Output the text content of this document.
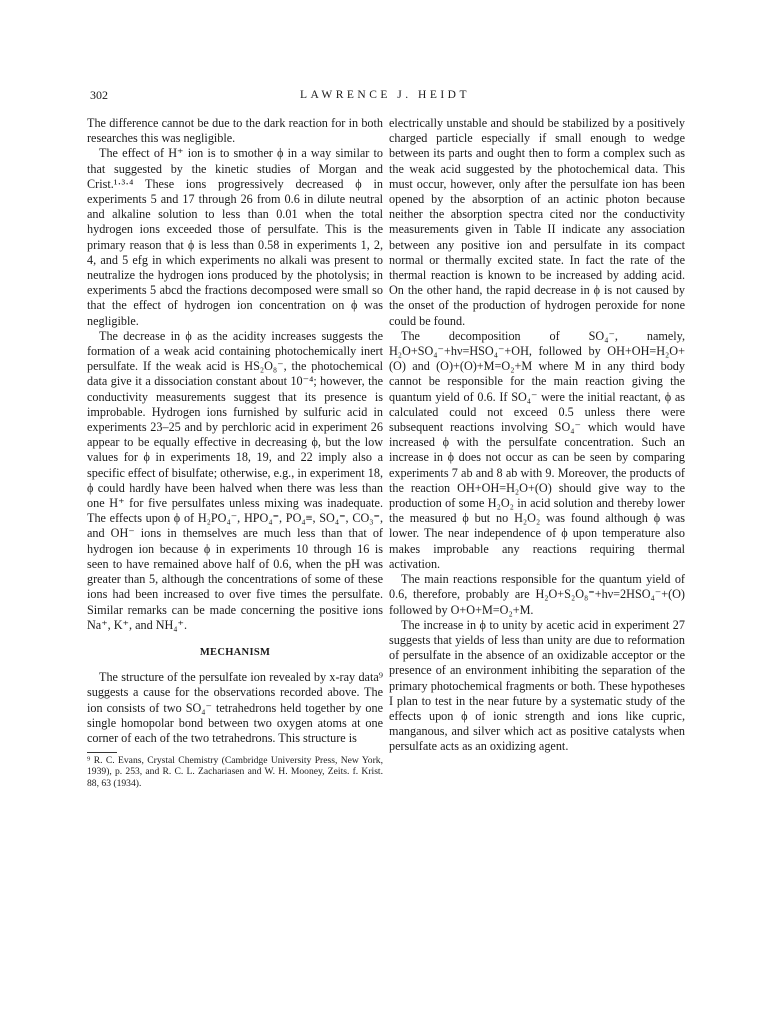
302	LAWRENCE J. HEIDT

The difference cannot be due to the dark reaction for in both researches this was negligible.

The effect of H⁺ ion is to smother ϕ in a way similar to that suggested by the kinetic studies of Morgan and Crist.¹·³·⁴ These ions progressively decreased ϕ in experiments 5 and 17 through 26 from 0.6 in dilute neutral and alkaline solution to less than 0.01 when the total hydrogen ions exceeded those of persulfate. This is the primary reason that ϕ is less than 0.58 in experiments 1, 2, 4, and 5 efg in which experiments no alkali was present to neutralize the hydrogen ions produced by the photolysis; in experiments 5 abcd the fractions decomposed were small so that the effect of hydrogen ion concentration on ϕ was negligible.

The decrease in ϕ as the acidity increases suggests the formation of a weak acid containing photochemically inert persulfate. If the weak acid is HS₂O₈⁻, the photochemical data give it a dissociation constant about 10⁻⁴; however, the conductivity measurements suggest that its presence is improbable. Hydrogen ions furnished by sulfuric acid in experiments 23–25 and by perchloric acid in experiment 26 appear to be equally effective in decreasing ϕ, but the low values for ϕ in experiments 18, 19, and 22 imply also a specific effect of bisulfate; otherwise, e.g., in experiment 18, ϕ could hardly have been halved when there was less than one H⁺ for five persulfates unless mixing was inadequate. The effects upon ϕ of H₂PO₄⁻, HPO₄⁼, PO₄≡, SO₄⁼, CO₃⁼, and OH⁻ ions in themselves are much less than that of hydrogen ion because ϕ in experiments 10 through 16 is seen to have remained above half of 0.6, when the pH was greater than 5, although the concentrations of some of these ions had been increased to over five times the persulfate. Similar remarks can be made concerning the positive ions Na⁺, K⁺, and NH₄⁺.

MECHANISM

The structure of the persulfate ion revealed by x-ray data⁹ suggests a cause for the observations recorded above. The ion consists of two SO₄⁻ tetrahedrons held together by one single homopolar bond between two oxygen atoms at one corner of each of the two tetrahedrons. This structure is

⁹ R. C. Evans, Crystal Chemistry (Cambridge University Press, New York, 1939), p. 253, and R. C. L. Zachariasen and W. H. Mooney, Zeits. f. Krist. 88, 63 (1934).

electrically unstable and should be stabilized by a positively charged particle especially if small enough to wedge between its parts and ought then to form a complex such as the weak acid suggested by the photochemical data. This must occur, however, only after the persulfate ion has been opened by the absorption of an actinic photon because neither the absorption spectra cited nor the conductivity measurements given in Table II indicate any association between any positive ion and persulfate in its compact normal or thermally excited state. In fact the rate of the thermal reaction is known to be increased by adding acid. On the other hand, the rapid decrease in ϕ is not caused by the onset of the production of hydrogen peroxide for none could be found.

The decomposition of SO₄⁻, namely, H₂O+SO₄⁻+hν=HSO₄⁻+OH, followed by OH+OH=H₂O+(O) and (O)+(O)+M=O₂+M where M in any third body cannot be responsible for the main reaction giving the quantum yield of 0.6. If SO₄⁻ were the initial reactant, ϕ as calculated could not exceed 0.5 unless there were subsequent reactions involving SO₄⁻ which would have increased ϕ with the persulfate concentration. Such an increase in ϕ does not occur as can be seen by comparing experiments 7 ab and 8 ab with 9. Moreover, the products of the reaction OH+OH=H₂O+(O) should give way to the production of some H₂O₂ in acid solution and thereby lower the measured ϕ but no H₂O₂ was found although ϕ was lower. The near independence of ϕ upon temperature also makes improbable any reactions requiring thermal activation.

The main reactions responsible for the quantum yield of 0.6, therefore, probably are H₂O+S₂O₈⁼+hν=2HSO₄⁻+(O) followed by O+O+M=O₂+M.

The increase in ϕ to unity by acetic acid in experiment 27 suggests that yields of less than unity are due to reformation of persulfate in the absence of an oxidizable acceptor or the presence of an environment inhibiting the separation of the primary photochemical fragments or both. These hypotheses I plan to test in the near future by a systematic study of the effects upon ϕ of ionic strength and ions like cupric, manganous, and silver which act as positive catalysts when persulfate acts as an oxidizing agent.
